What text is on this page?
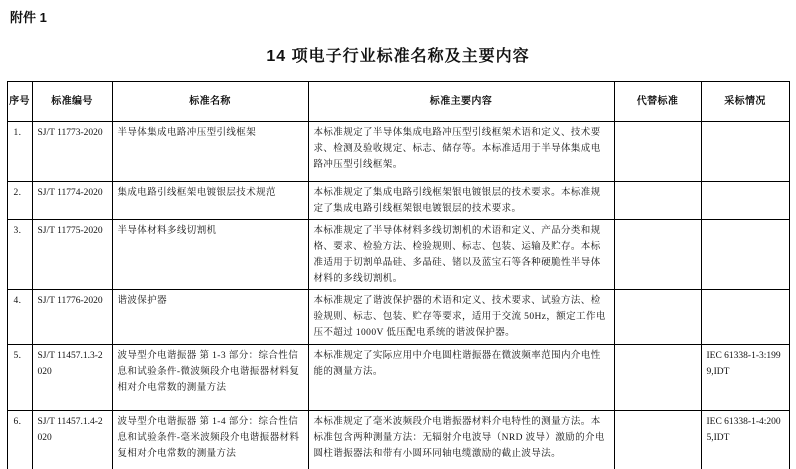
附件 1
14 项电子行业标准名称及主要内容
序号	标准编号	标准名称	标准主要内容	代替标准	采标情况
1.	SJ/T 11773-2020	半导体集成电路冲压型引线框架	本标准规定了半导体集成电路冲压型引线框架术语和定义、技术要求、检测及验收规定、标志、储存等。本标准适用于半导体集成电路冲压型引线框架。		
2.	SJ/T 11774-2020	集成电路引线框架电镀银层技术规范	本标准规定了集成电路引线框架银电镀银层的技术要求。本标准规定了集成电路引线框架银电镀银层的技术要求。		
3.	SJ/T 11775-2020	半导体材料多线切割机	本标准规定了半导体材料多线切割机的术语和定义、产品分类和规格、要求、检验方法、检验规则、标志、包装、运输及贮存。本标准适用于切割单晶硅、多晶硅、锗以及蓝宝石等各种硬脆性半导体材料的多线切割机。		
4.	SJ/T 11776-2020	谐波保护器	本标准规定了谐波保护器的术语和定义、技术要求、试验方法、检验规则、标志、包装、贮存等要求，适用于交流 50Hz，额定工作电压不超过 1000V 低压配电系统的谐波保护器。		
5.	SJ/T 11457.1.3-2020	波导型介电谐振器 第 1-3 部分：综合性信息和试验条件-微波频段介电谐振器材料复相对介电常数的测量方法	本标准规定了实际应用中介电圆柱谐振器在微波频率范围内介电性能的测量方法。		IEC 61338-1-3:1999,IDT
6.	SJ/T 11457.1.4-2020	波导型介电谐振器 第 1-4 部分：综合性信息和试验条件-毫米波频段介电谐振器材料复相对介电常数的测量方法	本标准规定了毫米波频段介电谐振器材料介电特性的测量方法。本标准包含两种测量方法：无辐射介电波导（NRD 波导）激励的介电圆柱谐振器法和带有小圆环同轴电缆激励的截止波导法。		IEC 61338-1-4:2005,IDT
